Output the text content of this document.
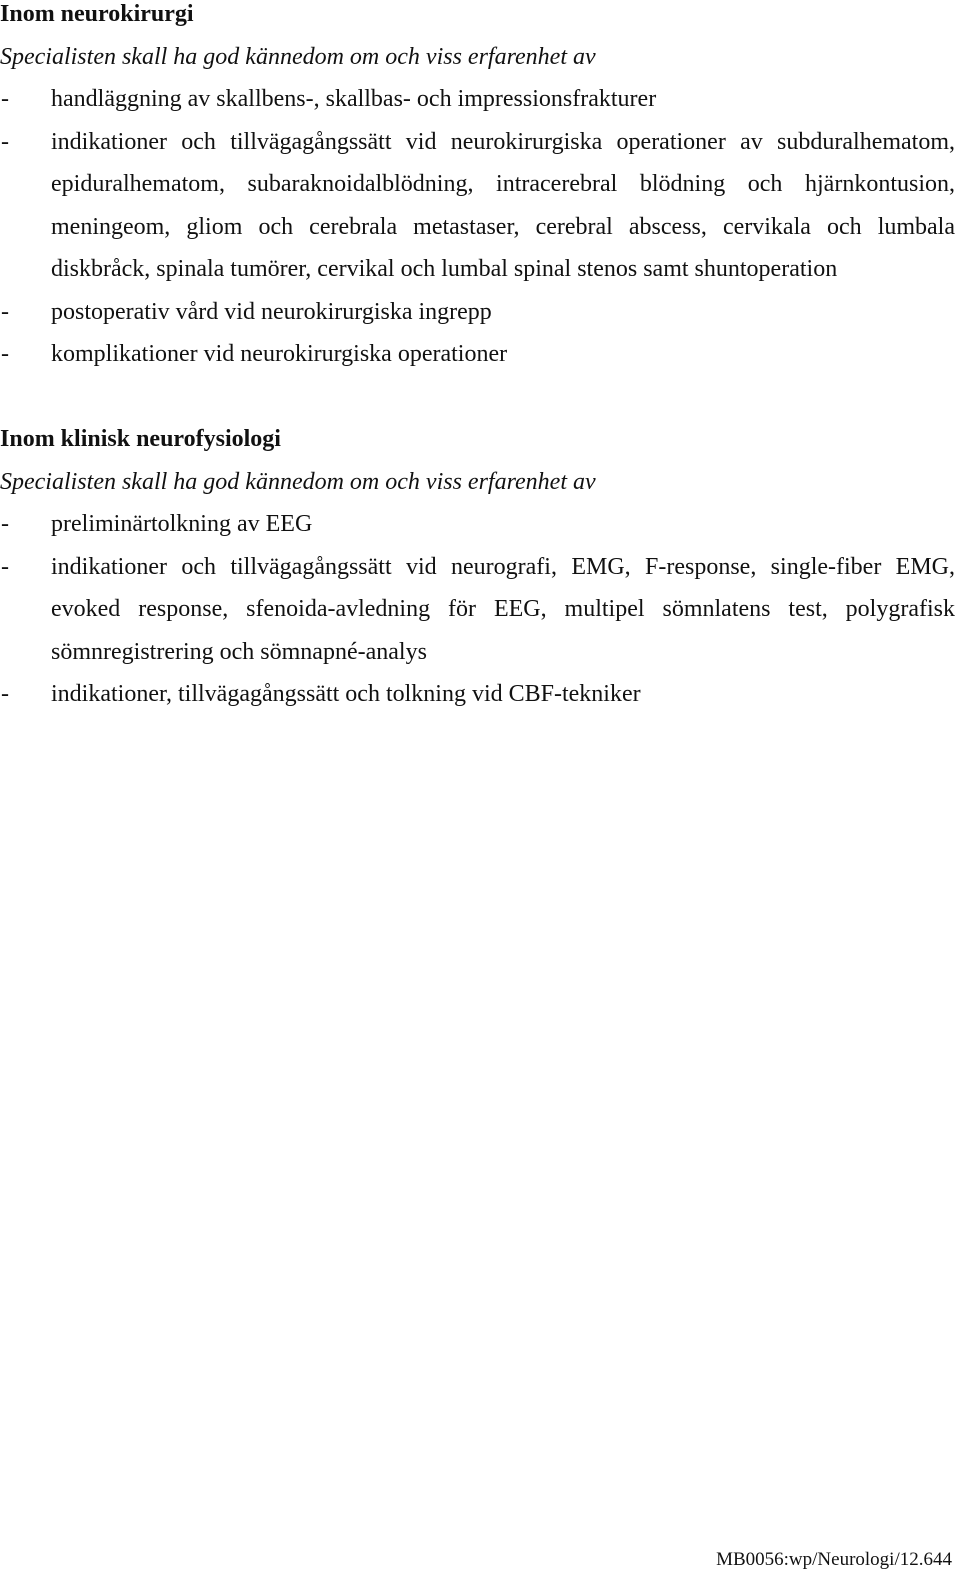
Inom neurokirurgi

Specialisten skall ha god kännedom om och viss erfarenhet av

- handläggning av skallbens-, skallbas- och impressionsfrakturer
- indikationer och tillvägagångssätt vid neurokirurgiska operationer av subduralhematom, epiduralhematom, subaraknoidalblödning, intracerebral blödning och hjärnkontusion, meningeom, gliom och cerebrala metastaser, cerebral abscess, cervikala och lumbala diskbråck, spinala tumörer, cervikal och lumbal spinal stenos samt shuntoperation
- postoperativ vård vid neurokirurgiska ingrepp
- komplikationer vid neurokirurgiska operationer

Inom klinisk neurofysiologi

Specialisten skall ha god kännedom om och viss erfarenhet av

- preliminärtolkning av EEG
- indikationer och tillvägagångssätt vid neurografi, EMG, F-response, single-fiber EMG, evoked response, sfenoida-avledning för EEG, multipel sömnlatens test, polygrafisk sömnregistrering och sömnapné-analys
- indikationer, tillvägagångssätt och tolkning vid CBF-tekniker
MB0056:wp/Neurologi/12.644
